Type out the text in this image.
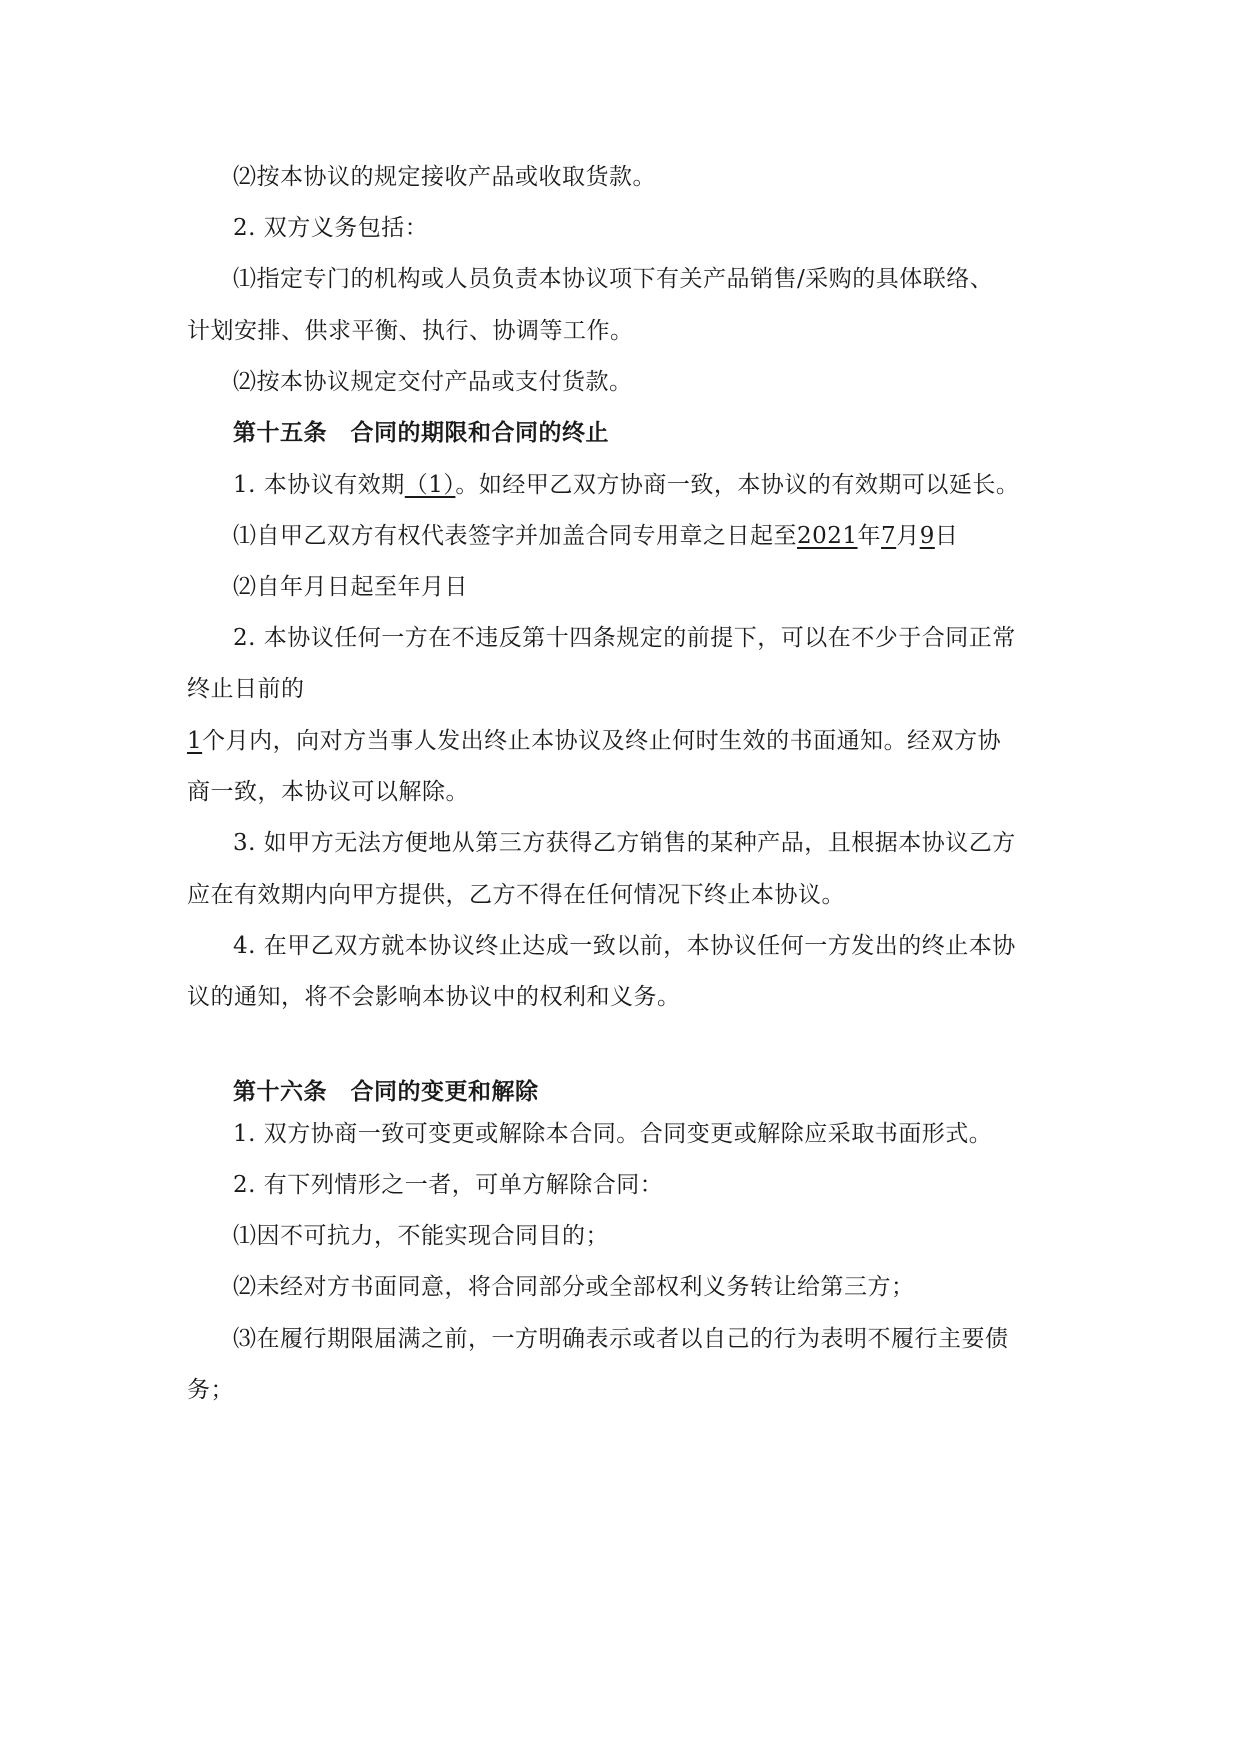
⑵按本协议的规定接收产品或收取货款。
2. 双方义务包括：
⑴指定专门的机构或人员负责本协议项下有关产品销售/采购的具体联络、
计划安排、供求平衡、执行、协调等工作。
⑵按本协议规定交付产品或支付货款。
第十五条　合同的期限和合同的终止
1. 本协议有效期（1）。如经甲乙双方协商一致，本协议的有效期可以延长。
⑴自甲乙双方有权代表签字并加盖合同专用章之日起至2021年7月9日
⑵自年月日起至年月日
2. 本协议任何一方在不违反第十四条规定的前提下，可以在不少于合同正常
终止日前的
1个月内，向对方当事人发出终止本协议及终止何时生效的书面通知。经双方协
商一致，本协议可以解除。
3. 如甲方无法方便地从第三方获得乙方销售的某种产品，且根据本协议乙方
应在有效期内向甲方提供，乙方不得在任何情况下终止本协议。
4. 在甲乙双方就本协议终止达成一致以前，本协议任何一方发出的终止本协
议的通知，将不会影响本协议中的权利和义务。
第十六条　合同的变更和解除
1. 双方协商一致可变更或解除本合同。合同变更或解除应采取书面形式。
2. 有下列情形之一者，可单方解除合同：
⑴因不可抗力，不能实现合同目的；
⑵未经对方书面同意，将合同部分或全部权利义务转让给第三方；
⑶在履行期限届满之前，一方明确表示或者以自己的行为表明不履行主要债
务；
